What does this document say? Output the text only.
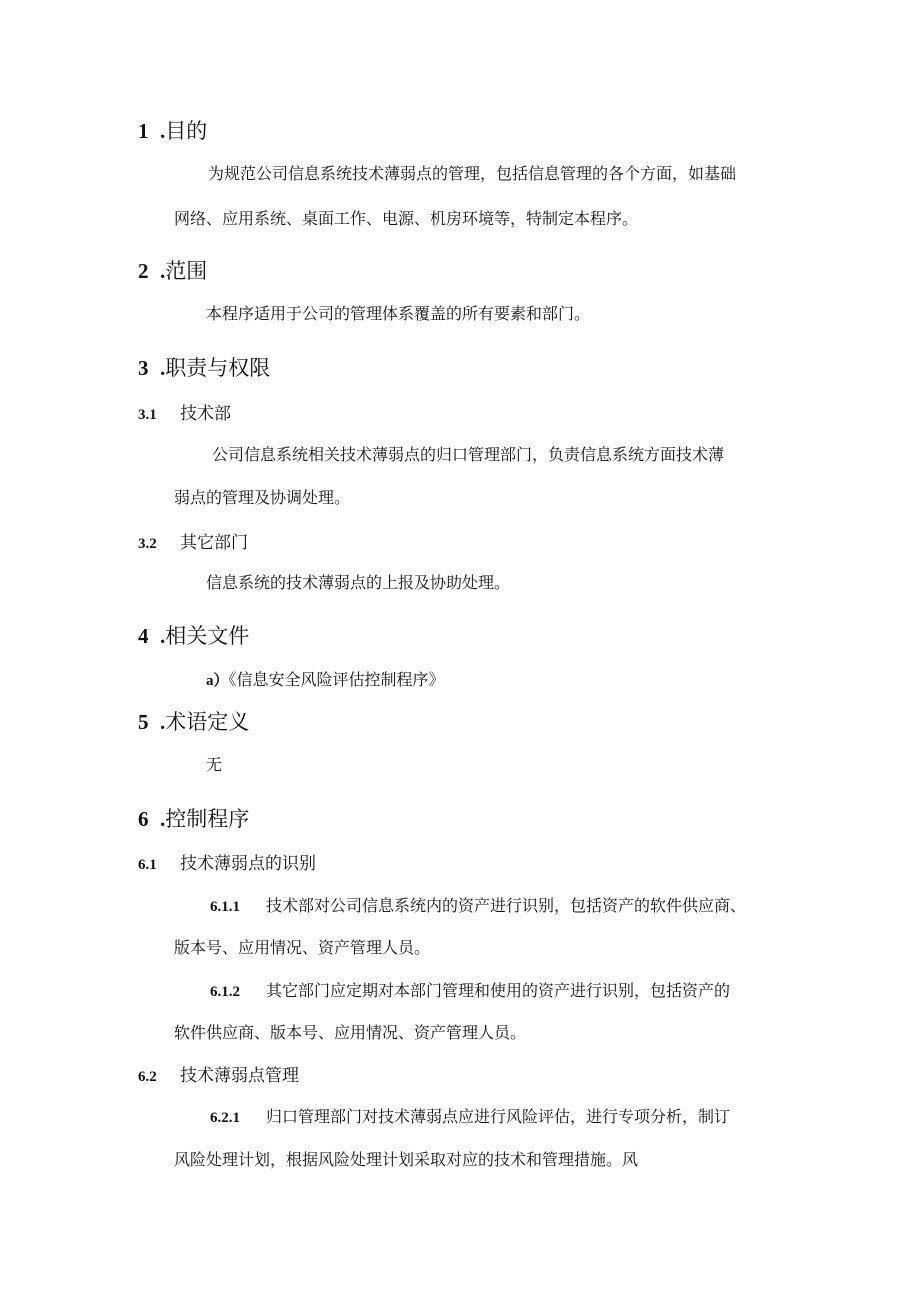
1 .目的
为规范公司信息系统技术薄弱点的管理，包括信息管理的各个方面，如基础
网络、应用系统、桌面工作、电源、机房环境等，特制定本程序。
2 .范围
本程序适用于公司的管理体系覆盖的所有要素和部门。
3 .职责与权限
3.1 技术部
公司信息系统相关技术薄弱点的归口管理部门，负责信息系统方面技术薄
弱点的管理及协调处理。
3.2 其它部门
信息系统的技术薄弱点的上报及协助处理。
4 .相关文件
a）《信息安全风险评估控制程序》
5 .术语定义
无
6 .控制程序
6.1 技术薄弱点的识别
6.1.1 技术部对公司信息系统内的资产进行识别，包括资产的软件供应商、
版本号、应用情况、资产管理人员。
6.1.2 其它部门应定期对本部门管理和使用的资产进行识别，包括资产的
软件供应商、版本号、应用情况、资产管理人员。
6.2 技术薄弱点管理
6.2.1 归口管理部门对技术薄弱点应进行风险评估，进行专项分析，制订
风险处理计划，根据风险处理计划采取对应的技术和管理措施。风
